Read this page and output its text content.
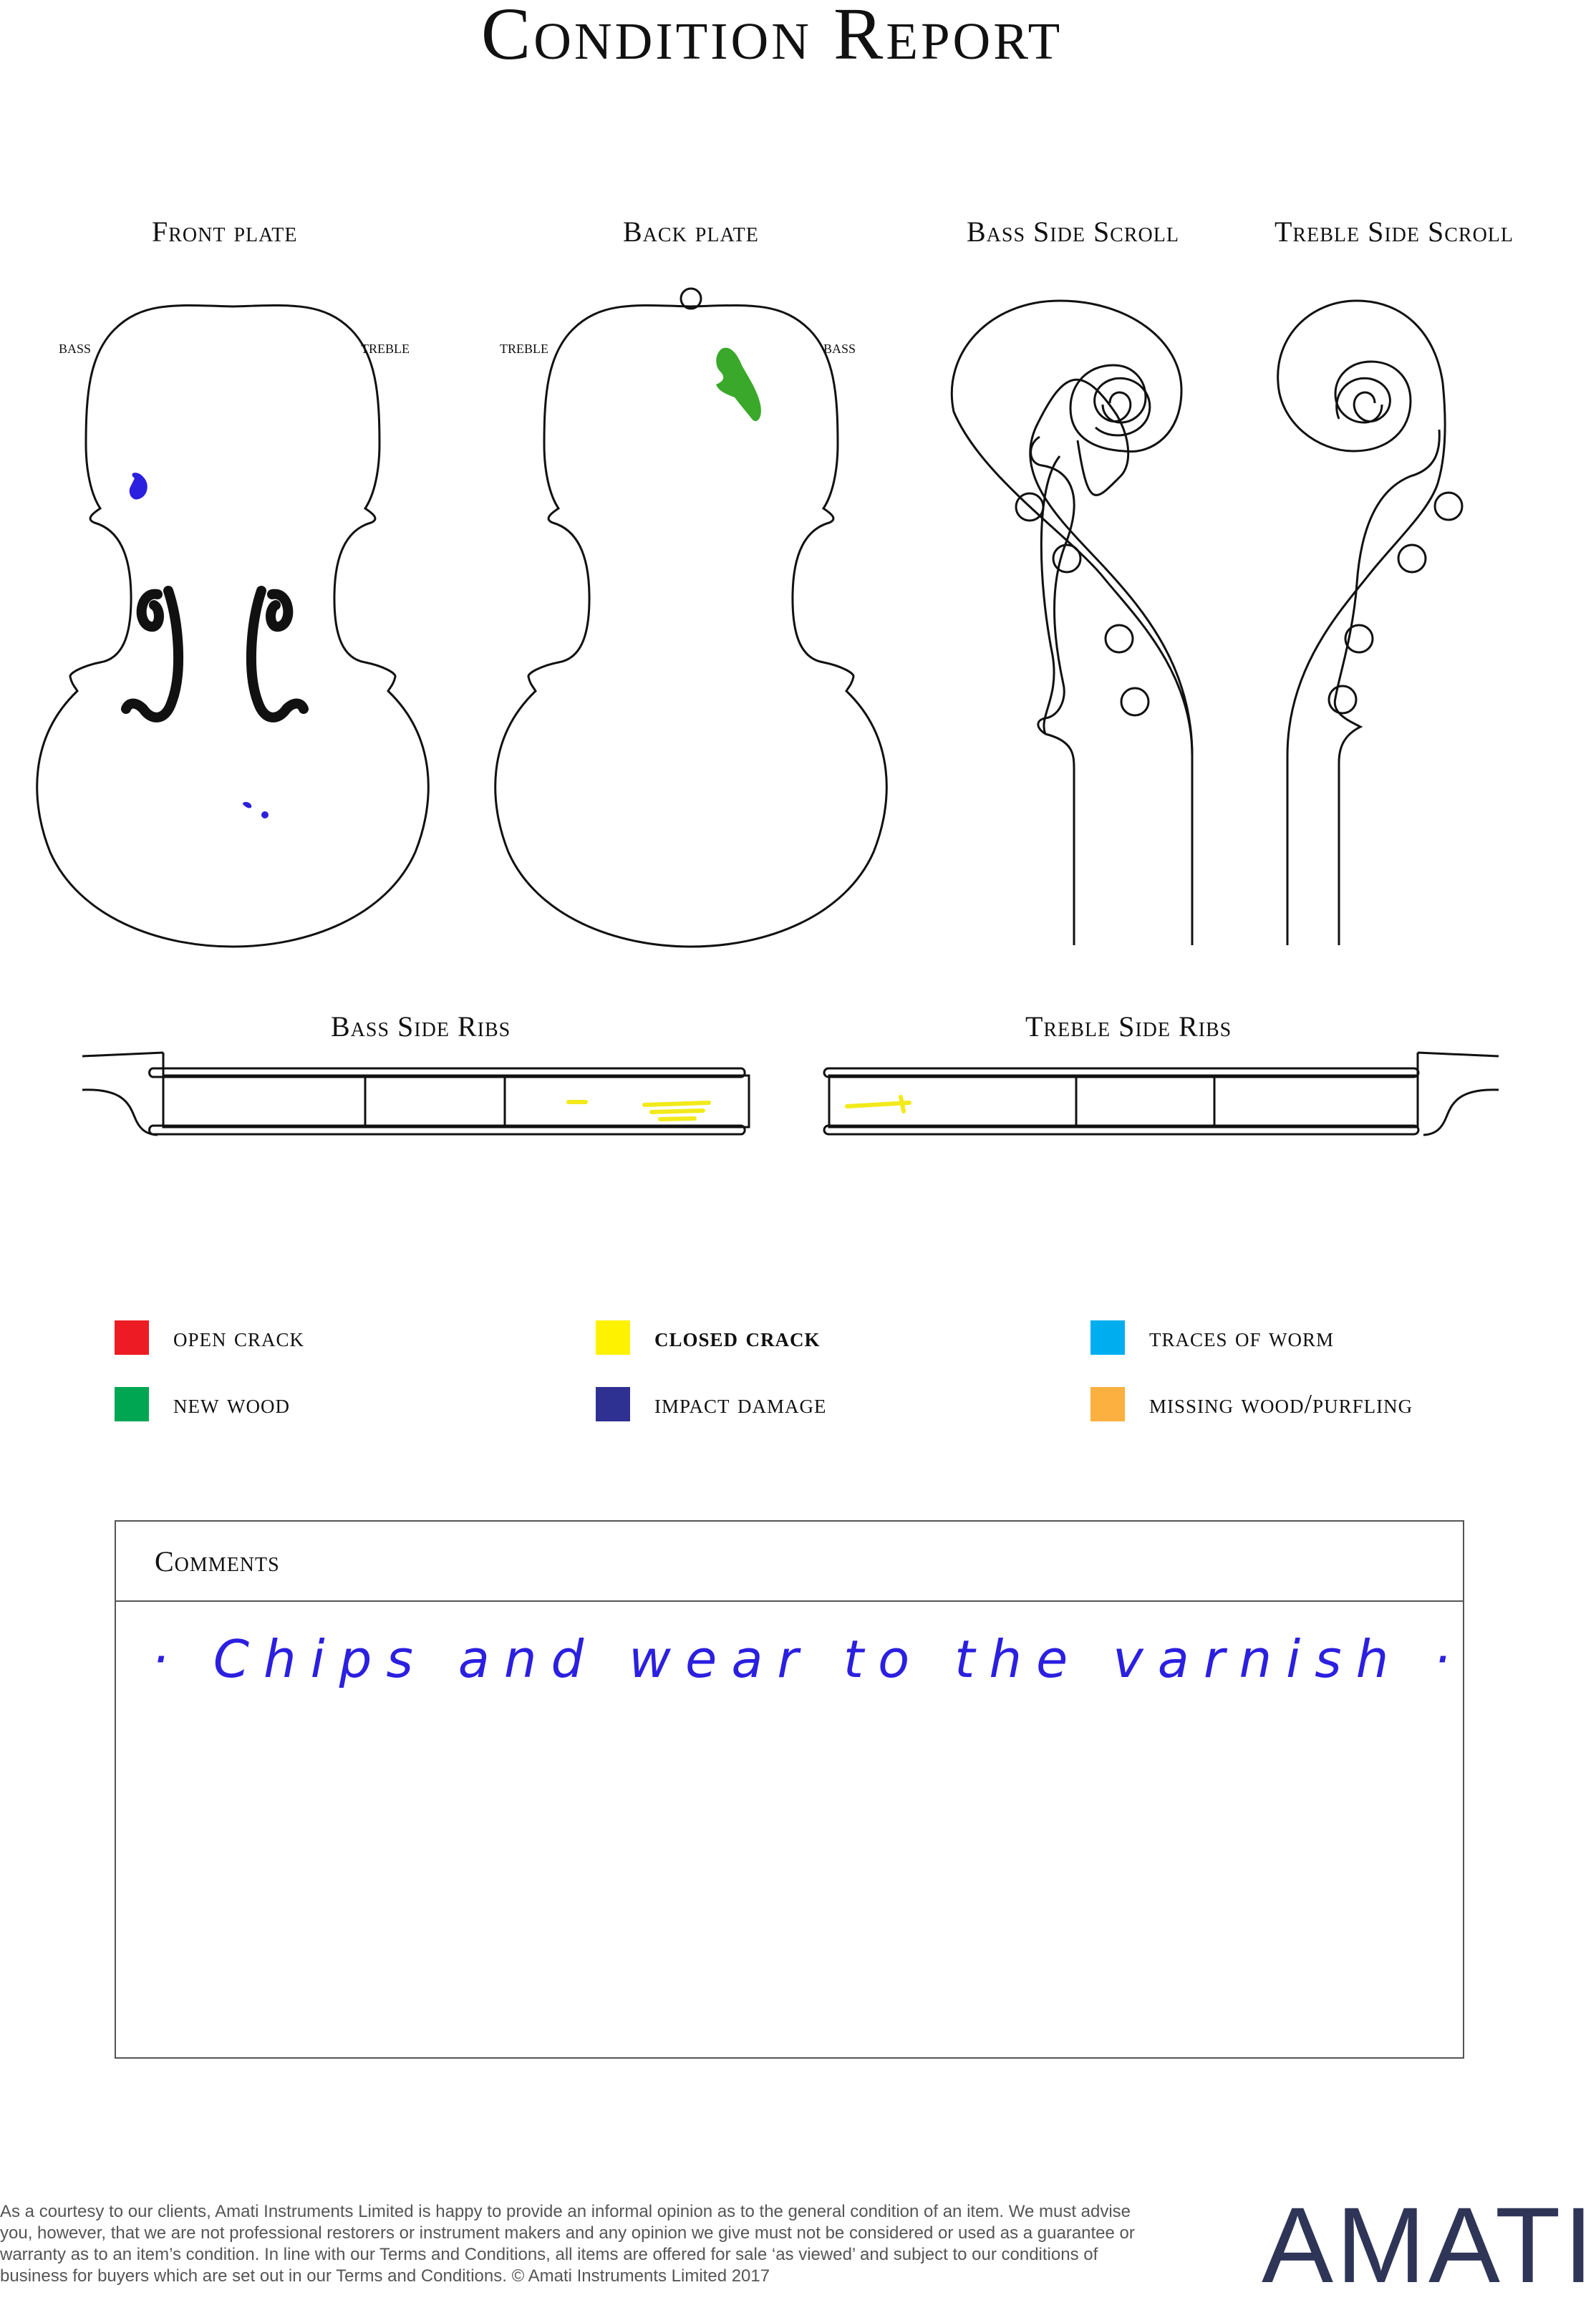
Condition Report
Front plate	Back plate	Bass Side Scroll	Treble Side Scroll
bass	treble	treble	bass
Bass Side Ribs	Treble Side Ribs
open crack	closed crack	traces of worm
new wood	impact damage	missing wood/purfling
Comments
· Chips and wear to the varnish ·
As a courtesy to our clients, Amati Instruments Limited is happy to provide an informal opinion as to the general condition of an item. We must advise you, however, that we are not professional restorers or instrument makers and any opinion we give must not be considered or used as a guarantee or warranty as to an item’s condition. In line with our Terms and Conditions, all items are offered for sale ‘as viewed’ and subject to our conditions of business for buyers which are set out in our Terms and Conditions. © Amati Instruments Limited 2017	AMATI
